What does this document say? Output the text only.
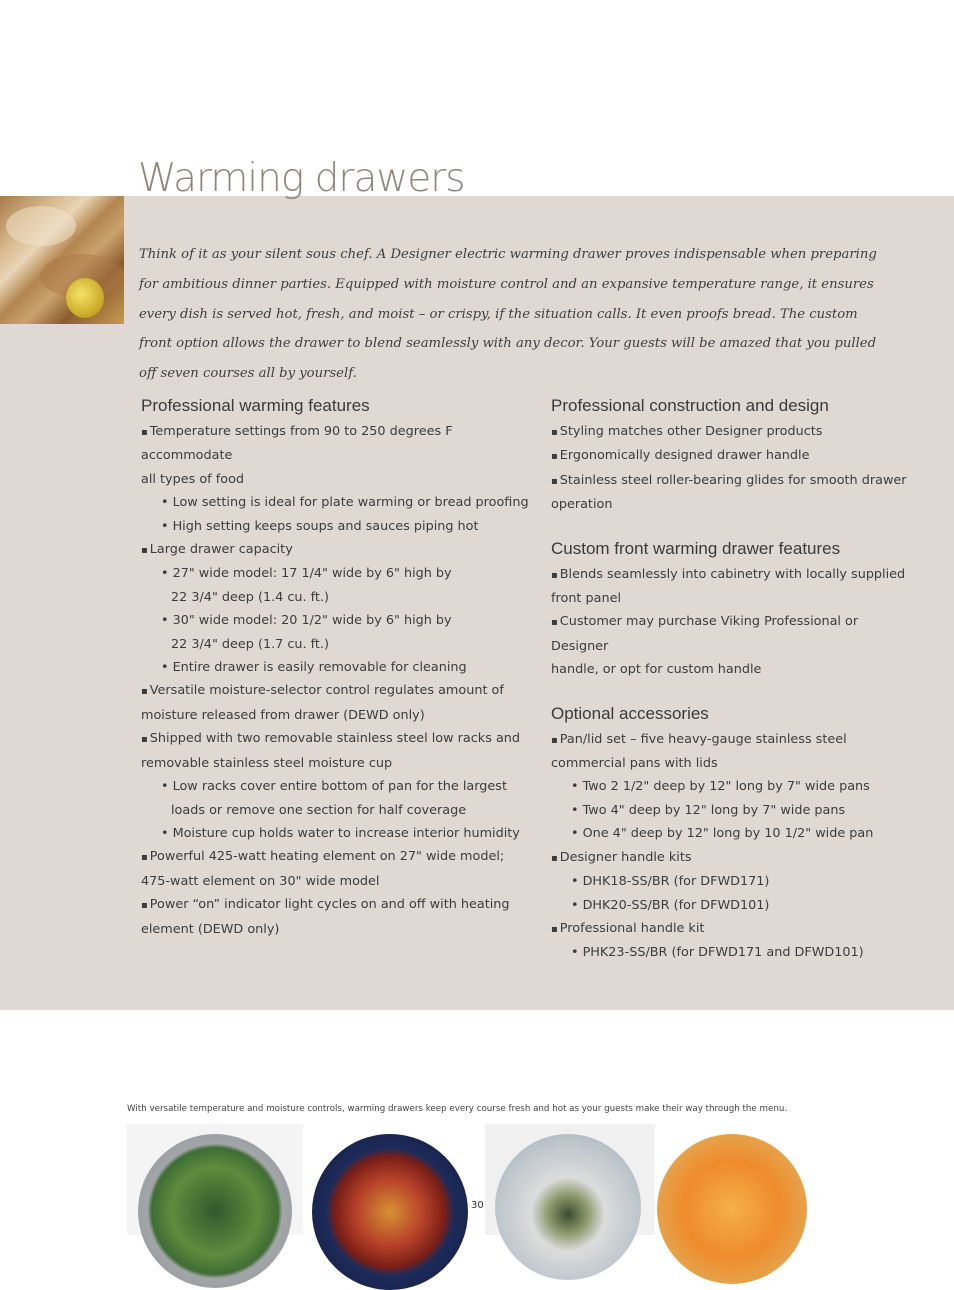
Warming drawers

Think of it as your silent sous chef. A Designer electric warming drawer proves indispensable when preparing for ambitious dinner parties. Equipped with moisture control and an expansive temperature range, it ensures every dish is served hot, fresh, and moist – or crispy, if the situation calls. It even proofs bread. The custom front option allows the drawer to blend seamlessly with any decor. Your guests will be amazed that you pulled off seven courses all by yourself.

Professional warming features
▪ Temperature settings from 90 to 250 degrees F accommodate
all types of food
• Low setting is ideal for plate warming or bread proofing
• High setting keeps soups and sauces piping hot
▪ Large drawer capacity
• 27" wide model: 17 1/4" wide by 6" high by
22 3/4" deep (1.4 cu. ft.)
• 30" wide model: 20 1/2" wide by 6" high by
22 3/4" deep (1.7 cu. ft.)
• Entire drawer is easily removable for cleaning
▪ Versatile moisture-selector control regulates amount of
moisture released from drawer (DEWD only)
▪ Shipped with two removable stainless steel low racks and
removable stainless steel moisture cup
• Low racks cover entire bottom of pan for the largest
loads or remove one section for half coverage
• Moisture cup holds water to increase interior humidity
▪ Powerful 425-watt heating element on 27" wide model;
475-watt element on 30" wide model
▪ Power “on” indicator light cycles on and off with heating
element (DEWD only)
Professional construction and design
▪ Styling matches other Designer products
▪ Ergonomically designed drawer handle
▪ Stainless steel roller-bearing glides for smooth drawer
operation
Custom front warming drawer features
▪ Blends seamlessly into cabinetry with locally supplied
front panel
▪ Customer may purchase Viking Professional or Designer
handle, or opt for custom handle
Optional accessories
▪ Pan/lid set – five heavy-gauge stainless steel
commercial pans with lids
• Two 2 1/2" deep by 12" long by 7" wide pans
• Two 4" deep by 12" long by 7" wide pans
• One 4" deep by 12" long by 10 1/2" wide pan
▪ Designer handle kits
• DHK18-SS/BR (for DFWD171)
• DHK20-SS/BR (for DFWD101)
▪ Professional handle kit
• PHK23-SS/BR (for DFWD171 and DFWD101)

With versatile temperature and moisture controls, warming drawers keep every course fresh and hot as your guests make their way through the menu.

30
